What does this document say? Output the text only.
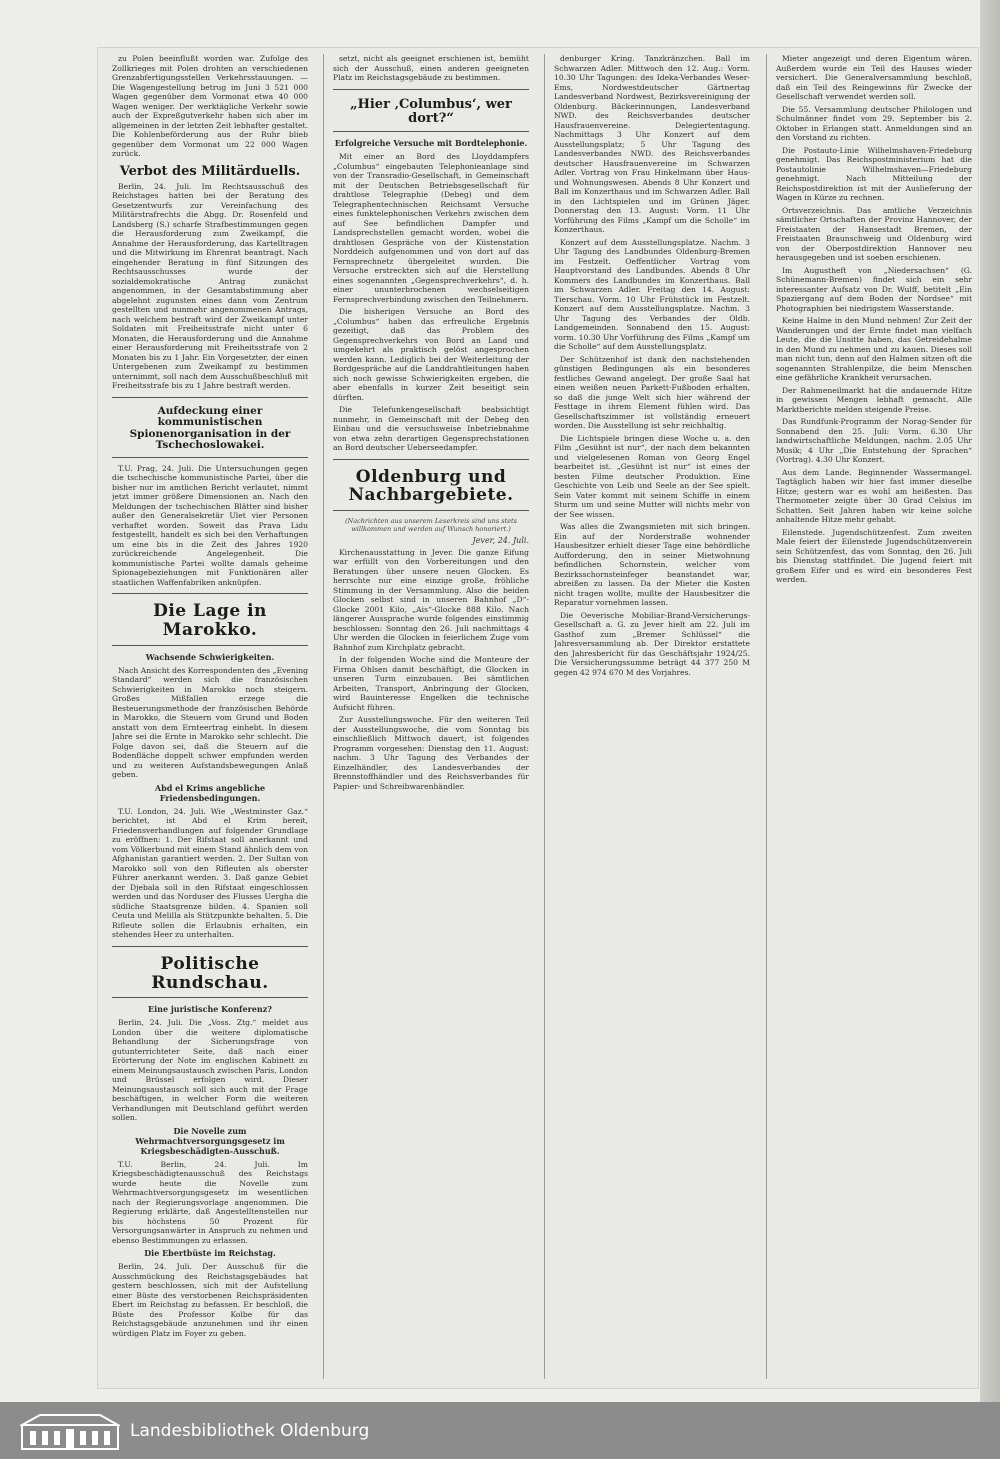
zu Polen beeinflußt worden war. Zufolge des Zollkrieges mit Polen drohten an verschiedenen Grenzabfertigungsstellen Verkehrsstauungen. — Die Wagengestellung betrug im Juni 3 521 000 Wagen gegenüber dem Vormonat etwa 40 000 Wagen weniger. Der werktägliche Verkehr sowie auch der Expreßgutverkehr haben sich aber im allgemeinen in der letzten Zeit lebhafter gestaltet. Die Kohlenbeförderung aus der Ruhr blieb gegenüber dem Vormonat um 22 000 Wagen zurück.

Verbot des Militärduells.

Berlin, 24. Juli. Im Rechtsausschuß des Reichstages hatten bei der Beratung des Gesetzentwurfs zur Vereinfachung des Militärstrafrechts die Abgg. Dr. Rosenfeld und Landsberg (S.) scharfe Strafbestimmungen gegen die Herausforderung zum Zweikampf, die Annahme der Herausforderung, das Kartelltragen und die Mitwirkung im Ehrenrat beantragt. Nach eingehender Beratung in fünf Sitzungen des Rechtsausschusses wurde der sozialdemokratische Antrag zunächst angenommen, in der Gesamtabstimmung aber abgelehnt zugunsten eines dann vom Zentrum gestellten und nunmehr angenommenen Antrags, nach welchem bestraft wird der Zweikampf unter Soldaten mit Freiheitsstrafe nicht unter 6 Monaten, die Herausforderung und die Annahme einer Herausforderung mit Freiheitsstrafe von 2 Monaten bis zu 1 Jahr. Ein Vorgesetzter, der einen Untergebenen zum Zweikampf zu bestimmen unternimmt, soll nach dem Ausschußbeschluß mit Freiheitsstrafe bis zu 1 Jahre bestraft werden.

Aufdeckung einer kommunistischen Spionenorganisation in der Tschechoslowakei.

T.U. Prag, 24. Juli. Die Untersuchungen gegen die tschechische kommunistische Partei, über die bisher nur im amtlichen Bericht verlautet, nimmt jetzt immer größere Dimensionen an. Nach den Meldungen der tschechischen Blätter sind bisher außer den Generalsekretär Ulet vier Personen verhaftet worden. Soweit das Prava Lidu festgestellt, handelt es sich bei den Verhaftungen um eine bis in die Zeit des Jahres 1920 zurückreichende Angelegenheit. Die kommunistische Partei wollte damals geheime Spionagebeziehungen mit Funktionären aller staatlichen Waffenfabriken anknüpfen.

Die Lage in Marokko.
Wachsende Schwierigkeiten.

Nach Ansicht des Korrespondenten des „Evening Standard“ werden sich die französischen Schwierigkeiten in Marokko noch steigern. Großes Mißfallen erzege die Besteuerungsmethode der französischen Behörde in Marokko, die Steuern vom Grund und Boden anstatt von dem Ernteertrag einhebt. In diesem Jahre sei die Ernte in Marokko sehr schlecht. Die Folge davon sei, daß die Steuern auf die Bodenfläche doppelt schwer empfunden werden und zu weiteren Aufstandsbewegungen Anlaß geben.

Abd el Krims angebliche Friedensbedingungen.

T.U. London, 24. Juli. Wie „Westminster Gaz.“ berichtet, ist Abd el Krim bereit, Friedensverhandlungen auf folgender Grundlage zu eröffnen: 1. Der Rifstaat soll anerkannt und vom Völkerbund mit einem Stand ähnlich dem von Afghanistan garantiert werden. 2. Der Sultan von Marokko soll von den Rifleuten als oberster Führer anerkannt werden. 3. Daß ganze Gebiet der Djebala soll in den Rifstaat eingeschlossen werden und das Norduser des Flusses Uergha die südliche Staatsgrenze bilden. 4. Spanien soll Ceuta und Melilla als Stützpunkte behalten. 5. Die Rifleute sollen die Erlaubnis erhalten, ein stehendes Heer zu unterhalten.

Politische Rundschau.
Eine juristische Konferenz?

Berlin, 24. Juli. Die „Voss. Ztg.“ meldet aus London über die weitere diplomatische Behandlung der Sicherungsfrage von gutunterrichteter Seite, daß nach einer Erörterung der Note im englischen Kabinett zu einem Meinungsaustausch zwischen Paris, London und Brüssel erfolgen wird. Dieser Meinungsaustausch soll sich auch mit der Frage beschäftigen, in welcher Form die weiteren Verhandlungen mit Deutschland geführt werden sollen.

Die Novelle zum Wehrmachtversorgungsgesetz im Kriegsbeschädigten-Ausschuß.

T.U. Berlin, 24. Juli. Im Kriegsbeschädigtenausschuß des Reichstags wurde heute die Novelle zum Wehrmachtversorgungsgesetz im wesentlichen nach der Regierungsvorlage angenommen. Die Regierung erklärte, daß Angestelltenstellen nur bis höchstens 50 Prozent für Versorgungsanwärter in Anspruch zu nehmen und ebenso Bestimmungen zu erlassen.

Die Ebertbüste im Reichstag.

Berlin, 24. Juli. Der Ausschuß für die Ausschmückung des Reichstagsgebäudes hat gestern beschlossen, sich mit der Aufstellung einer Büste des verstorbenen Reichspräsidenten Ebert im Reichstag zu befassen. Er beschloß, die Büste des Professor Kolbe für das Reichstagsgebäude anzunehmen und ihr einen würdigen Platz im Foyer zu geben.

setzt, nicht als geeignet erschienen ist, bemüht sich der Ausschuß, einen anderen geeigneten Platz im Reichstagsgebäude zu bestimmen.

„Hier ‚Columbus‘, wer dort?“
Erfolgreiche Versuche mit Bordtelephonie.

Mit einer an Bord des Lloyddampfers „Columbus“ eingebauten Telephonieanlage sind von der Transradio-Gesellschaft, in Gemeinschaft mit der Deutschen Betriebsgesellschaft für drahtlose Telegraphie (Debeg) und dem Telegraphentechnischen Reichsamt Versuche eines funktelephonischen Verkehrs zwischen dem auf See befindlichen Dampfer und Landsprechstellen gemacht worden, wobei die drahtlosen Gespräche von der Küstenstation Norddeich aufgenommen und von dort auf das Fernsprechnetz übergeleitet wurden. Die Versuche erstreckten sich auf die Herstellung eines sogenannten „Gegensprechverkehrs“, d. h. einer ununterbrochenen wechselseitigen Fernsprechverbindung zwischen den Teilnehmern.

Die bisherigen Versuche an Bord des „Columbus“ haben das erfreuliche Ergebnis gezeitigt, daß das Problem des Gegensprechverkehrs von Bord an Land und umgekehrt als praktisch gelöst angesprochen werden kann. Lediglich bei der Weiterleitung der Bordgespräche auf die Landdrahtleitungen haben sich noch gewisse Schwierigkeiten ergeben, die aber ebenfalls in kurzer Zeit beseitigt sein dürften.

Die Telefunkengesellschaft beabsichtigt nunmehr, in Gemeinschaft mit der Debeg den Einbau und die versuchsweise Inbetriebnahme von etwa zehn derartigen Gegensprechstationen an Bord deutscher Ueberseedampfer.

Oldenburg und Nachbargebiete.
(Nachrichten aus unserem Leserkreis sind uns stets willkommen und werden auf Wunsch honoriert.)
Jever, 24. Juli.

Kirchenausstattung in Jever. Die ganze Eifung war erfüllt von den Vorbereitungen und den Beratungen über unsere neuen Glocken. Es herrschte nur eine einzige große, fröhliche Stimmung in der Versammlung. Also die beiden Glocken selbst sind in unseren Bahnhof „D“-Glocke 2001 Kilo, „Ais“-Glocke 888 Kilo. Nach längerer Aussprache wurde folgendes einstimmig beschlossen: Sonntag den 26. Juli nachmittags 4 Uhr werden die Glocken in feierlichem Zuge vom Bahnhof zum Kirchplatz gebracht.

In der folgenden Woche sind die Monteure der Firma Ohlsen damit beschäftigt, die Glocken in unseren Turm einzubauen. Bei sämtlichen Arbeiten, Transport, Anbringung der Glocken, wird Bauinteresse Engelken die technische Aufsicht führen.

Zur Ausstellungswoche. Für den weiteren Teil der Ausstellungswoche, die vom Sonntag bis einschließlich Mittwoch dauert, ist folgendes Programm vorgesehen: Dienstag den 11. August: nachm. 3 Uhr Tagung des Verbandes der Einzelhändler, des Landesverbandes der Brennstoffhändler und des Reichsverbandes für Papier- und Schreibwarenhändler.

denburger Kring. Tanzkränzchen. Ball im Schwarzen Adler. Mittwoch den 12. Aug.: Vorm. 10.30 Uhr Tagungen: des Ideka-Verbandes Weser-Ems, Nordwestdeutscher Gärtnertag Landesverband Nordwest, Bezirksvereinigung der Oldenburg. Bäckerinnungen, Landesverband NWD. des Reichsverbandes deutscher Hausfrauenvereine. Delegiertentagung. Nachmittags 3 Uhr Konzert auf dem Ausstellungsplatz; 5 Uhr Tagung des Landesverbandes NWD. des Reichsverbandes deutscher Hausfrauenvereine im Schwarzen Adler. Vortrag von Frau Hinkelmann über Haus- und Wohnungswesen. Abends 8 Uhr Konzert und Ball im Konzerthaus und im Schwarzen Adler. Ball in den Lichtspielen und im Grünen Jäger. Donnerstag den 13. August: Vorm. 11 Uhr Vorführung des Films „Kampf um die Scholle“ im Konzerthaus.

Konzert auf dem Ausstellungsplatze. Nachm. 3 Uhr Tagung des Landbundes Oldenburg-Bremen im Festzelt. Oeffentlicher Vortrag vom Hauptvorstand des Landbundes. Abends 8 Uhr Kommers des Landbundes im Konzerthaus. Ball im Schwarzen Adler. Freitag den 14. August: Tierschau. Vorm. 10 Uhr Frühstück im Festzelt. Konzert auf dem Ausstellungsplatze. Nachm. 3 Uhr Tagung des Verbandes der Oldb. Landgemeinden. Sonnabend den 15. August: vorm. 10.30 Uhr Vorführung des Films „Kampf um die Scholle“ auf dem Ausstellungsplatz.

Der Schützenhof ist dank den nachstehenden günstigen Bedingungen als ein besonderes festliches Gewand angelegt. Der große Saal hat einen weißen neuen Parkett-Fußboden erhalten, so daß die junge Welt sich hier während der Festtage in ihrem Element fühlen wird. Das Gesellschaftszimmer ist vollständig erneuert worden. Die Ausstellung ist sehr reichhaltig.

Die Lichtspiele bringen diese Woche u. a. den Film „Gesühnt ist nur“, der nach dem bekannten und vielgelesenen Roman von Georg Engel bearbeitet ist. „Gesühnt ist nur“ ist eines der besten Filme deutscher Produktion. Eine Geschichte von Leib und Seele an der See spielt. Sein Vater kommt mit seinem Schiffe in einem Sturm um und seine Mutter will nichts mehr von der See wissen.

Was alles die Zwangsmieten mit sich bringen. Ein auf der Norderstraße wohnender Hausbesitzer erhielt dieser Tage eine behördliche Aufforderung, den in seiner Mietwohnung befindlichen Schornstein, welcher vom Bezirksschornsteinfeger beanstandet war, abreißen zu lassen. Da der Mieter die Kosten nicht tragen wollte, mußte der Hausbesitzer die Reparatur vornehmen lassen.

Die Oeverische Mobiliar-Brand-Versicherungs-Gesellschaft a. G. zu Jever hielt am 22. Juli im Gasthof zum „Bremer Schlüssel“ die Jahresversammlung ab. Der Direktor erstattete den Jahresbericht für das Geschäftsjahr 1924/25. Die Versicherungssumme beträgt 44 377 250 M gegen 42 974 670 M des Vorjahres.

Mieter angezeigt und deren Eigentum wären. Außerdem wurde ein Teil des Hauses wieder versichert. Die Generalversammlung beschloß, daß ein Teil des Reingewinns für Zwecke der Gesellschaft verwendet werden soll.

Die 55. Versammlung deutscher Philologen und Schulmänner findet vom 29. September bis 2. Oktober in Erlangen statt. Anmeldungen sind an den Vorstand zu richten.

Die Postauto-Linie Wilhelmshaven-Friedeburg genehmigt. Das Reichspostministerium hat die Postautolinie Wilhelmshaven—Friedeburg genehmigt. Nach Mitteilung der Reichspostdirektion ist mit der Auslieferung der Wagen in Kürze zu rechnen.

Ortsverzeichnis. Das amtliche Verzeichnis sämtlicher Ortschaften der Provinz Hannover, der Freistaaten der Hansestadt Bremen, der Freistaaten Braunschweig und Oldenburg wird von der Oberpostdirektion Hannover neu herausgegeben und ist soeben erschienen.

Im Augustheft von „Niedersachsen“ (G. Schünemann-Bremen) findet sich ein sehr interessanter Aufsatz von Dr. Wulff, betitelt „Ein Spaziergang auf dem Boden der Nordsee“ mit Photographien bei niedrigstem Wasserstande.

Keine Halme in den Mund nehmen! Zur Zeit der Wanderungen und der Ernte findet man vielfach Leute, die die Unsitte haben, das Getreidehalme in den Mund zu nehmen und zu kauen. Dieses soll man nicht tun, denn auf den Halmen sitzen oft die sogenannten Strahlenpilze, die beim Menschen eine gefährliche Krankheit verursachen.

Der Rahmeneilmarkt hat die andauernde Hitze in gewissen Mengen lebhaft gemacht. Alle Marktberichte melden steigende Preise.

Das Rundfunk-Programm der Norag-Sender für Sonnabend den 25. Juli: Vorm. 6.30 Uhr landwirtschaftliche Meldungen, nachm. 2.05 Uhr Musik; 4 Uhr „Die Entstehung der Sprachen“ (Vortrag). 4.30 Uhr Konzert.

Aus dem Lande. Beginnender Wassermangel. Tagtäglich haben wir hier fast immer dieselbe Hitze; gestern war es wohl am heißesten. Das Thermometer zeigte über 30 Grad Celsius im Schatten. Seit Jahren haben wir keine solche anhaltende Hitze mehr gehabt.

Eilenstede. Jugendschützenfest. Zum zweiten Male feiert der Eilenstede Jugendschützenverein sein Schützenfest, das vom Sonntag, den 26. Juli bis Dienstag stattfindet. Die Jugend feiert mit großem Eifer und es wird ein besonderes Fest werden.

Landesbibliothek Oldenburg
